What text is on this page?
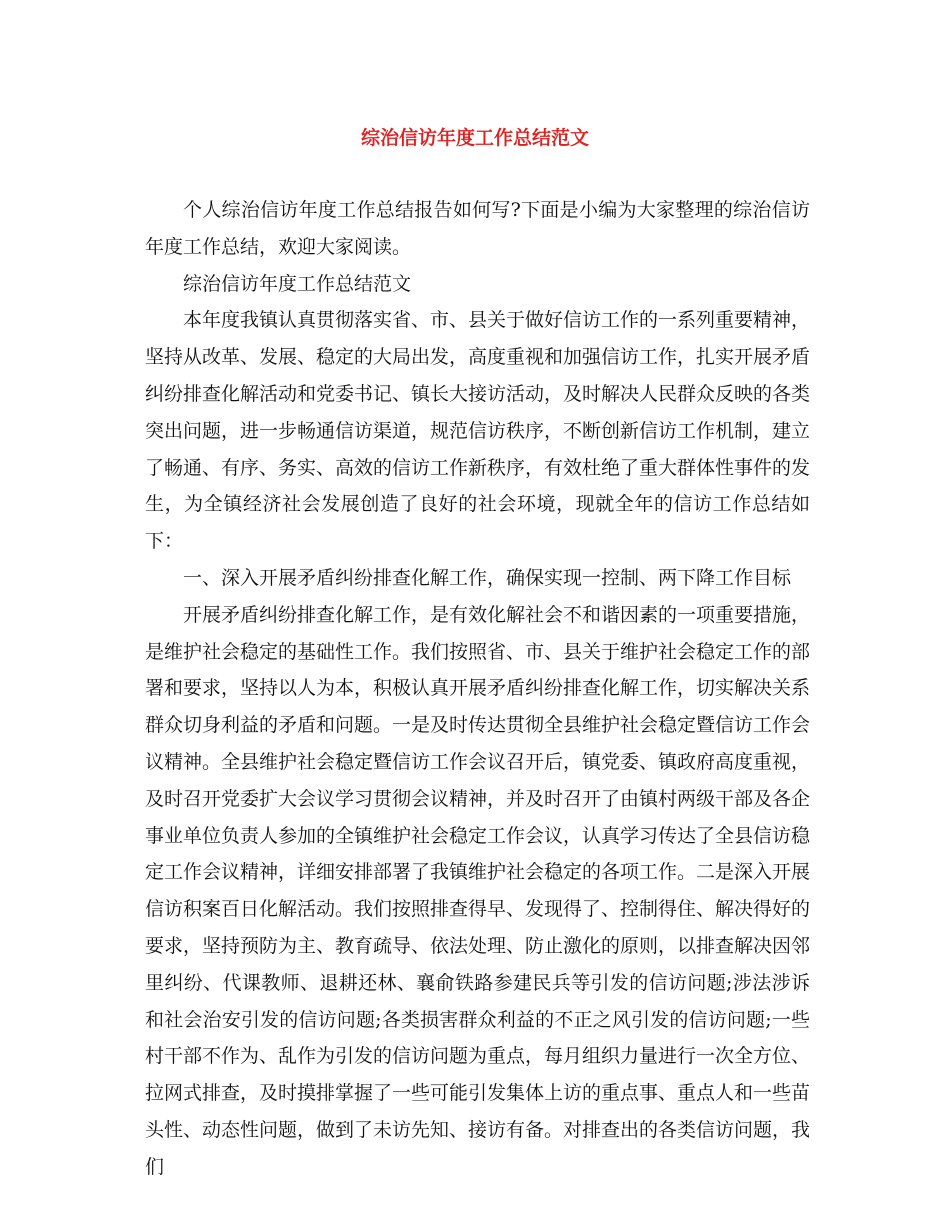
综治信访年度工作总结范文

个人综治信访年度工作总结报告如何写?下面是小编为大家整理的综治信访年度工作总结，欢迎大家阅读。

综治信访年度工作总结范文

本年度我镇认真贯彻落实省、市、县关于做好信访工作的一系列重要精神，坚持从改革、发展、稳定的大局出发，高度重视和加强信访工作，扎实开展矛盾纠纷排查化解活动和党委书记、镇长大接访活动，及时解决人民群众反映的各类突出问题，进一步畅通信访渠道，规范信访秩序，不断创新信访工作机制，建立了畅通、有序、务实、高效的信访工作新秩序，有效杜绝了重大群体性事件的发生，为全镇经济社会发展创造了良好的社会环境，现就全年的信访工作总结如下：

一、深入开展矛盾纠纷排查化解工作，确保实现一控制、两下降工作目标

开展矛盾纠纷排查化解工作，是有效化解社会不和谐因素的一项重要措施，是维护社会稳定的基础性工作。我们按照省、市、县关于维护社会稳定工作的部署和要求，坚持以人为本，积极认真开展矛盾纠纷排查化解工作，切实解决关系群众切身利益的矛盾和问题。一是及时传达贯彻全县维护社会稳定暨信访工作会议精神。全县维护社会稳定暨信访工作会议召开后，镇党委、镇政府高度重视，及时召开党委扩大会议学习贯彻会议精神，并及时召开了由镇村两级干部及各企事业单位负责人参加的全镇维护社会稳定工作会议，认真学习传达了全县信访稳定工作会议精神，详细安排部署了我镇维护社会稳定的各项工作。二是深入开展信访积案百日化解活动。我们按照排查得早、发现得了、控制得住、解决得好的要求，坚持预防为主、教育疏导、依法处理、防止激化的原则，以排查解决因邻里纠纷、代课教师、退耕还林、襄俞铁路参建民兵等引发的信访问题;涉法涉诉和社会治安引发的信访问题;各类损害群众利益的不正之风引发的信访问题;一些村干部不作为、乱作为引发的信访问题为重点，每月组织力量进行一次全方位、拉网式排查，及时摸排掌握了一些可能引发集体上访的重点事、重点人和一些苗头性、动态性问题，做到了未访先知、接访有备。对排查出的各类信访问题，我们
